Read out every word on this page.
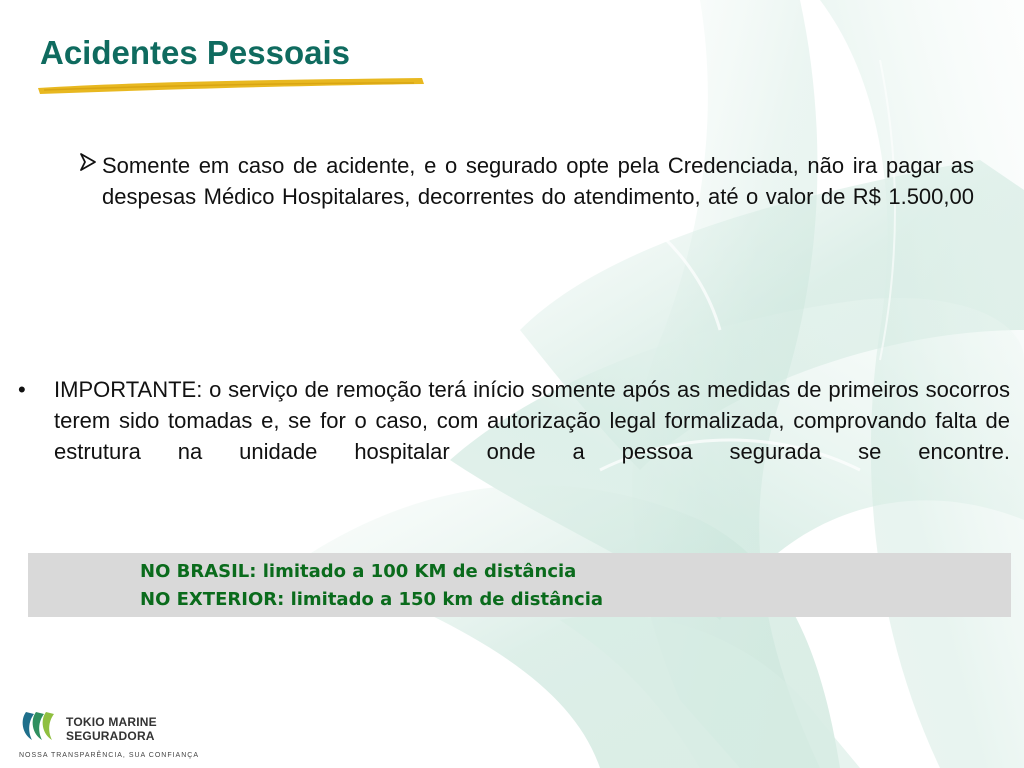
Acidentes Pessoais

Somente em caso de acidente, e o segurado opte pela Credenciada, não ira pagar as despesas Médico Hospitalares, decorrentes do atendimento, até o valor de R$ 1.500,00

• IMPORTANTE: o serviço de remoção terá início somente após as medidas de primeiros socorros terem sido tomadas e, se for o caso, com autorização legal formalizada, comprovando falta de estrutura na unidade hospitalar onde a pessoa segurada se encontre.

NO BRASIL: limitado a 100 KM de distância
NO EXTERIOR: limitado a 150 km de distância
TOKIO MARINE
SEGURADORA
NOSSA TRANSPARÊNCIA, SUA CONFIANÇA
